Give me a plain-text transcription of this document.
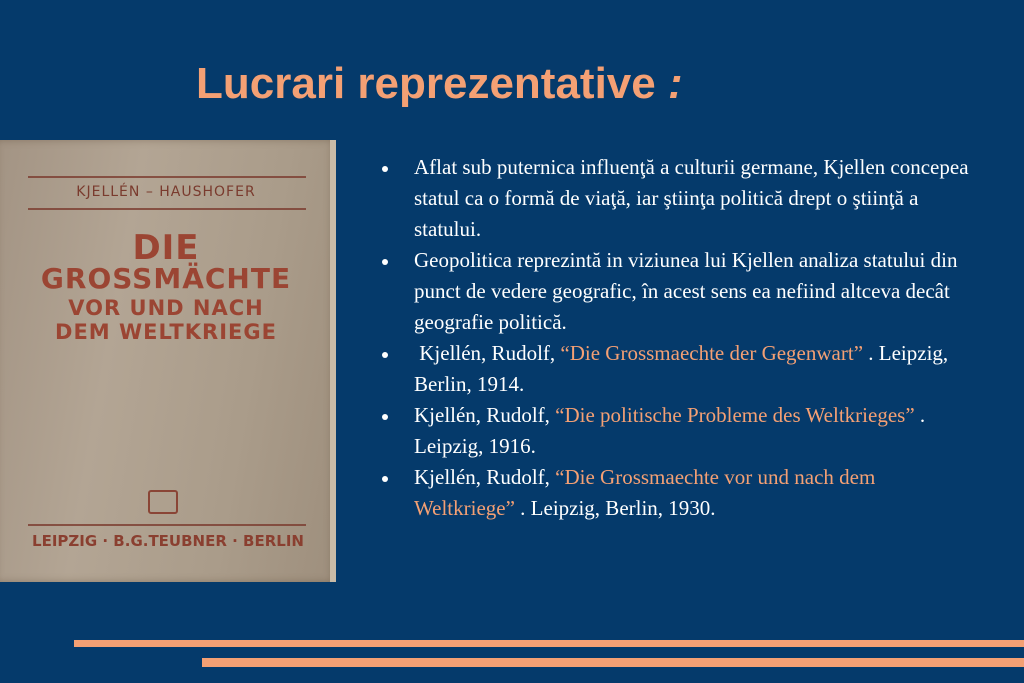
Lucrari reprezentative :
KJELLÉN – HAUSHOFER
DIE
GROSSMÄCHTE
VOR UND NACH
DEM WELTKRIEGE
LEIPZIG · B.G.TEUBNER · BERLIN
Aflat sub puternica influenţă a culturii germane, Kjellen concepea statul ca o formă de viaţă, iar ştiinţa politică drept o ştiinţă a statului.
Geopolitica reprezintă in viziunea lui Kjellen analiza statului din punct de vedere geografic, în acest sens ea nefiind altceva decât geografie politică.
Kjellén, Rudolf, “Die Grossmaechte der Gegenwart” . Leipzig, Berlin, 1914.
Kjellén, Rudolf, “Die politische Probleme des Weltkrieges” . Leipzig, 1916.
Kjellén, Rudolf, “Die Grossmaechte vor und nach dem Weltkriege” . Leipzig, Berlin, 1930.
